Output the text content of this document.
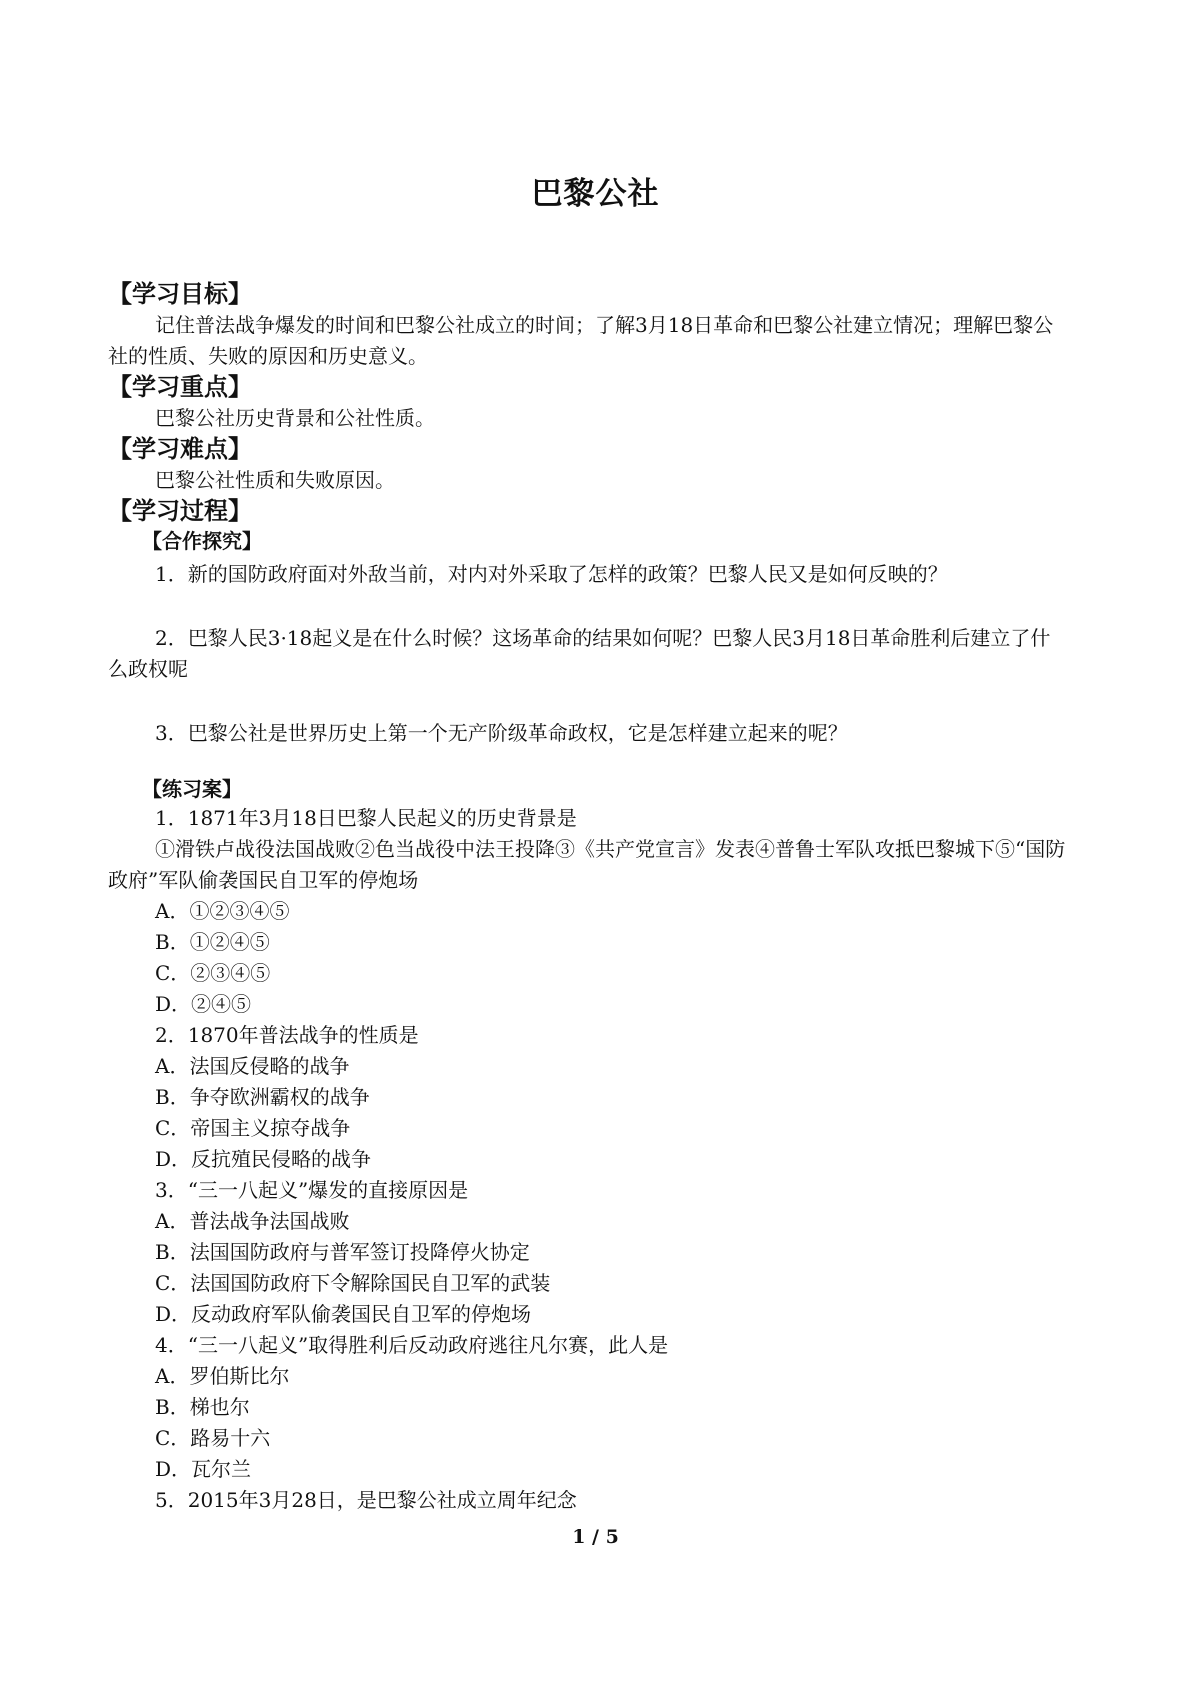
巴黎公社
【学习目标】
记住普法战争爆发的时间和巴黎公社成立的时间；了解3月18日革命和巴黎公社建立情况；理解巴黎公社的性质、失败的原因和历史意义。
【学习重点】
巴黎公社历史背景和公社性质。
【学习难点】
巴黎公社性质和失败原因。
【学习过程】
【合作探究】
1．新的国防政府面对外敌当前，对内对外采取了怎样的政策？巴黎人民又是如何反映的？
2．巴黎人民3·18起义是在什么时候？这场革命的结果如何呢？巴黎人民3月18日革命胜利后建立了什么政权呢
3．巴黎公社是世界历史上第一个无产阶级革命政权，它是怎样建立起来的呢？
【练习案】
1．1871年3月18日巴黎人民起义的历史背景是
①滑铁卢战役法国战败②色当战役中法王投降③《共产党宣言》发表④普鲁士军队攻抵巴黎城下⑤“国防政府”军队偷袭国民自卫军的停炮场
A．①②③④⑤
B．①②④⑤
C．②③④⑤
D．②④⑤
2．1870年普法战争的性质是
A．法国反侵略的战争
B．争夺欧洲霸权的战争
C．帝国主义掠夺战争
D．反抗殖民侵略的战争
3．“三一八起义”爆发的直接原因是
A．普法战争法国战败
B．法国国防政府与普军签订投降停火协定
C．法国国防政府下令解除国民自卫军的武装
D．反动政府军队偷袭国民自卫军的停炮场
4．“三一八起义”取得胜利后反动政府逃往凡尔赛，此人是
A．罗伯斯比尔
B．梯也尔
C．路易十六
D．瓦尔兰
5．2015年3月28日，是巴黎公社成立周年纪念
1 / 5
